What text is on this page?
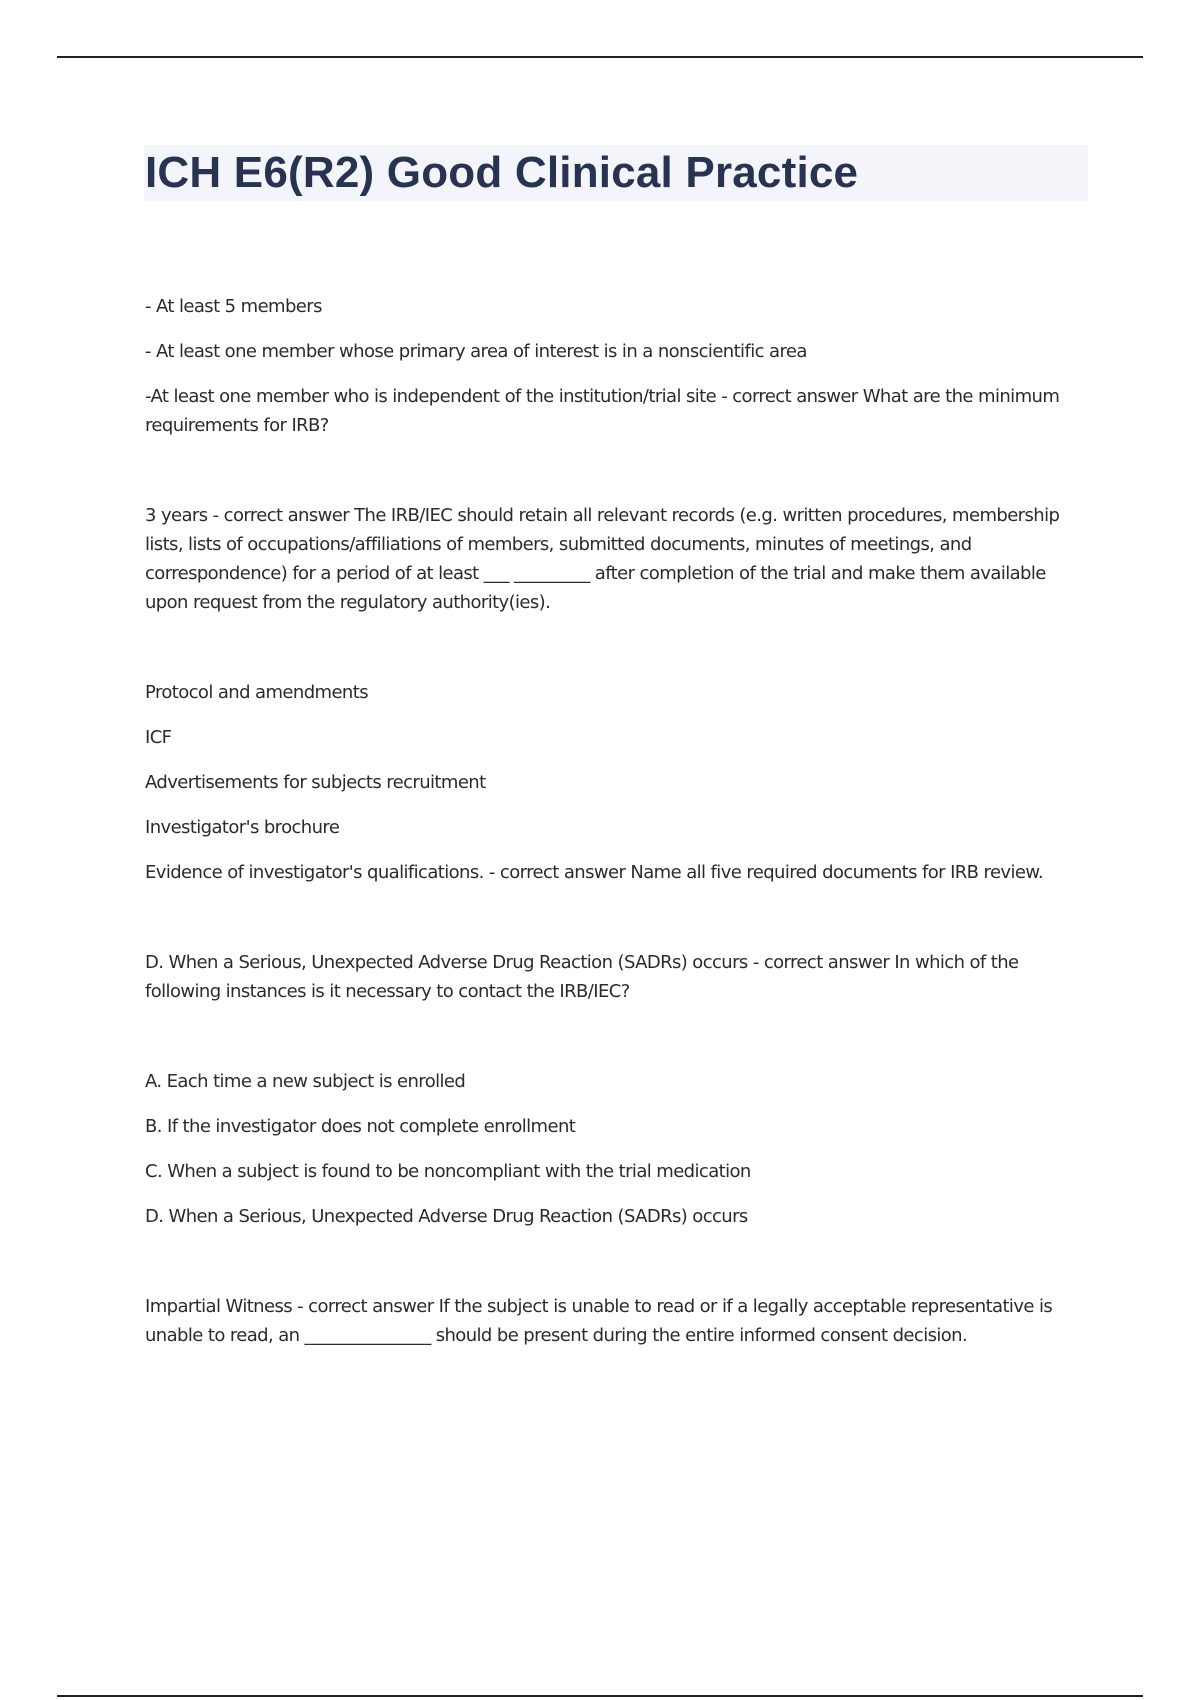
ICH E6(R2) Good Clinical Practice

- At least 5 members

- At least one member whose primary area of interest is in a nonscientific area

-At least one member who is independent of the institution/trial site - correct answer What are the minimum requirements for IRB?

3 years - correct answer The IRB/IEC should retain all relevant records (e.g. written procedures, membership lists, lists of occupations/affiliations of members, submitted documents, minutes of meetings, and correspondence) for a period of at least ___ _________ after completion of the trial and make them available upon request from the regulatory authority(ies).

Protocol and amendments

ICF

Advertisements for subjects recruitment

Investigator's brochure

Evidence of investigator's qualifications. - correct answer Name all five required documents for IRB review.

D. When a Serious, Unexpected Adverse Drug Reaction (SADRs) occurs - correct answer In which of the following instances is it necessary to contact the IRB/IEC?

A. Each time a new subject is enrolled

B. If the investigator does not complete enrollment

C. When a subject is found to be noncompliant with the trial medication

D. When a Serious, Unexpected Adverse Drug Reaction (SADRs) occurs

Impartial Witness - correct answer If the subject is unable to read or if a legally acceptable representative is unable to read, an _______________ should be present during the entire informed consent decision.
